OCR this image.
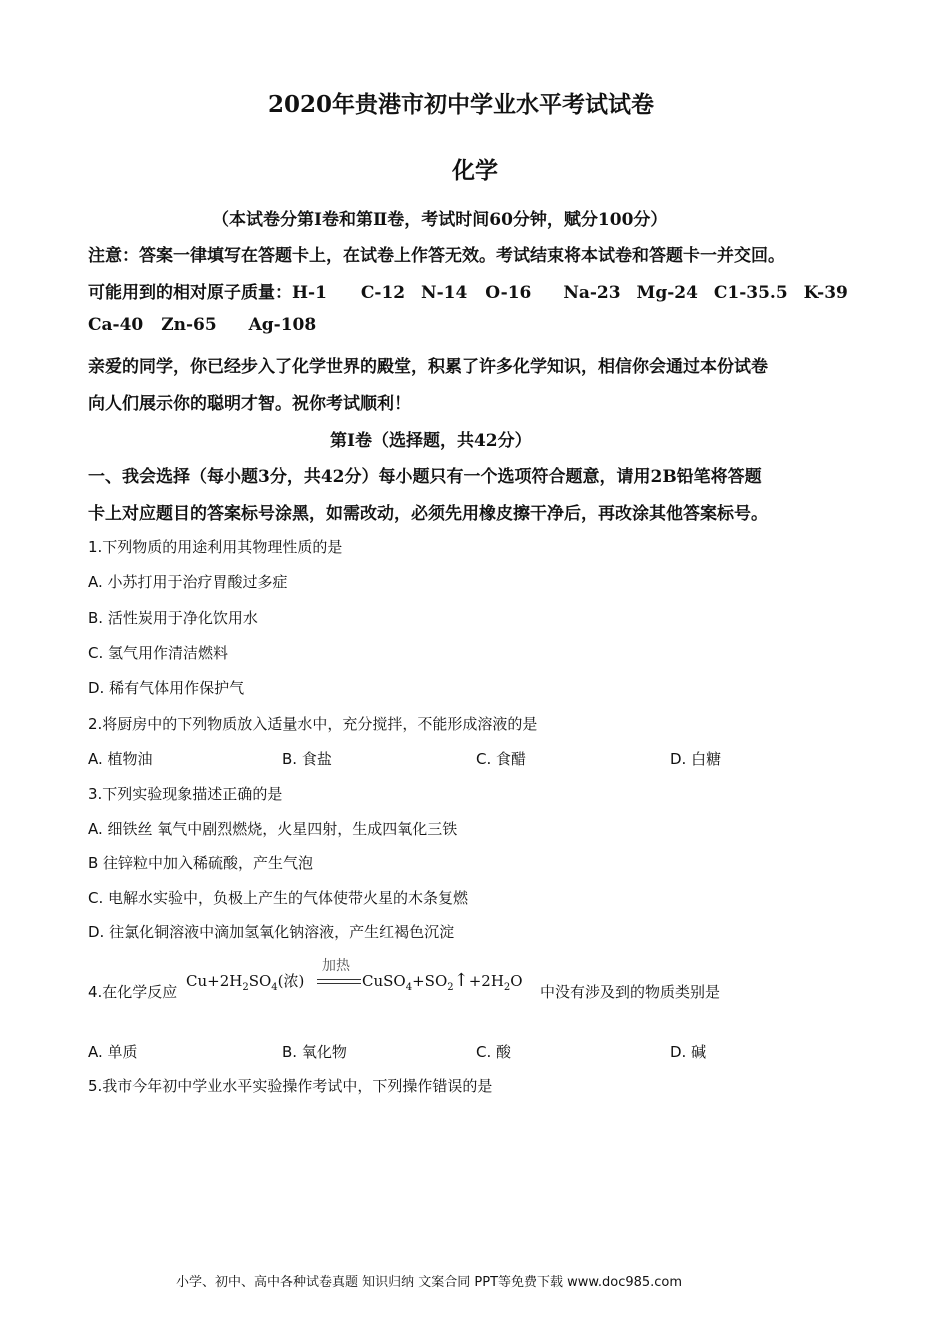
2020年贵港市初中学业水平考试试卷
化学
（本试卷分第Ⅰ卷和第Ⅱ卷，考试时间60分钟，赋分100分）
注意：答案一律填写在答题卡上，在试卷上作答无效。考试结束将本试卷和答题卡一并交回。
可能用到的相对原子质量：H-1 C-12 N-14 O-16 Na-23 Mg-24 C1-35.5 K-39
Ca-40 Zn-65 Ag-108
亲爱的同学，你已经步入了化学世界的殿堂，积累了许多化学知识，相信你会通过本份试卷
向人们展示你的聪明才智。祝你考试顺利！
第I卷（选择题，共42分）
一、我会选择（每小题3分，共42分）每小题只有一个选项符合题意，请用2B铅笔将答题
卡上对应题目的答案标号涂黑，如需改动，必须先用橡皮擦干净后，再改涂其他答案标号。
1.下列物质的用途利用其物理性质的是
A. 小苏打用于治疗胃酸过多症
B. 活性炭用于净化饮用水
C. 氢气用作清洁燃料
D. 稀有气体用作保护气
2.将厨房中的下列物质放入适量水中，充分搅拌，不能形成溶液的是
A. 植物油	B. 食盐	C. 食醋	D. 白糖
3.下列实验现象描述正确的是
A. 细铁丝 氧气中剧烈燃烧，火星四射，生成四氧化三铁
B 往锌粒中加入稀硫酸，产生气泡
C. 电解水实验中，负极上产生的气体使带火星的木条复燃
D. 往氯化铜溶液中滴加氢氧化钠溶液，产生红褐色沉淀
4.在化学反应
$Cu+2H_2SO_4$(浓)
加热
$CuSO_4+SO_2↑+2H_2O$
中没有涉及到的物质类别是
A. 单质	B. 氧化物	C. 酸	D. 碱
5.我市今年初中学业水平实验操作考试中，下列操作错误的是
小学、初中、高中各种试卷真题 知识归纳 文案合同 PPT等免费下载 www.doc985.com
